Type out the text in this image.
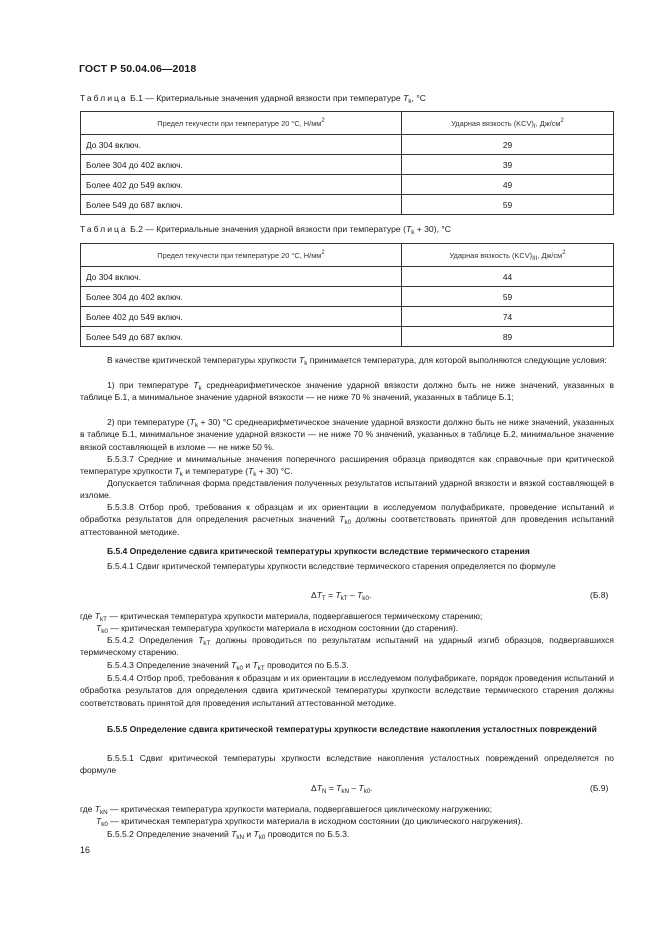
ГОСТ Р 50.04.06—2018
Таблица Б.1 — Критериальные значения ударной вязкости при температуре $T_k$, °С
Предел текучести при температуре 20 °С, $Н/мм^2$	Ударная вязкость $(KCV)_I$, $Дж/см^2$
До 304 включ.	29
Более 304 до 402 включ.	39
Более 402 до 549 включ.	49
Более 549 до 687 включ.	59
Таблица Б.2 — Критериальные значения ударной вязкости при температуре $(T_k + 30)$, °С
Предел текучести при температуре 20 °С, $Н/мм^2$	Ударная вязкость $(KCV)_{III}$, $Дж/см^2$
До 304 включ.	44
Более 304 до 402 включ.	59
Более 402 до 549 включ.	74
Более 549 до 687 включ.	89
В качестве критической температуры хрупкости $T_k$ принимается температура, для которой выполняются следующие условия:
1) при температуре $T_k$ среднеарифметическое значение ударной вязкости должно быть не ниже значений, указанных в таблице Б.1, а минимальное значение ударной вязкости — не ниже 70 % значений, указанных в таблице Б.1;
2) при температуре $(T_k + 30)$ °С среднеарифметическое значение ударной вязкости должно быть не ниже значений, указанных в таблице Б.1, минимальное значение ударной вязкости — не ниже 70 % значений, указанных в таблице Б.2, минимальное значение вязкой составляющей в изломе — не ниже 50 %.
Б.5.3.7 Средние и минимальные значения поперечного расширения образца приводятся как справочные при критической температуре хрупкости $T_k$ и температуре $(T_k + 30)$ °С.
Допускается табличная форма представления полученных результатов испытаний ударной вязкости и вязкой составляющей в изломе.
Б.5.3.8 Отбор проб, требования к образцам и их ориентации в исследуемом полуфабрикате, проведение испытаний и обработка результатов для определения расчетных значений $T_{k0}$ должны соответствовать принятой для проведения испытаний аттестованной методике.
Б.5.4 Определение сдвига критической температуры хрупкости вследствие термического старения
Б.5.4.1 Сдвиг критической температуры хрупкости вследствие термического старения определяется по формуле
$\Delta T_T = T_{kT} - T_{k0}$.	(Б.8)
где $T_{kT}$ — критическая температура хрупкости материала, подвергавшегося термическому старению;
$T_{k0}$ — критическая температура хрупкости материала в исходном состоянии (до старения).
Б.5.4.2 Определения $T_{kT}$ должны проводиться по результатам испытаний на ударный изгиб образцов, подвергавшихся термическому старению.
Б.5.4.3 Определение значений $T_{k0}$ и $T_{kT}$ проводится по Б.5.3.
Б.5.4.4 Отбор проб, требования к образцам и их ориентации в исследуемом полуфабрикате, порядок проведения испытаний и обработка результатов для определения сдвига критической температуры хрупкости вследствие термического старения должны соответствовать принятой для проведения испытаний аттестованной методике.
Б.5.5 Определение сдвига критической температуры хрупкости вследствие накопления усталостных повреждений
Б.5.5.1 Сдвиг критической температуры хрупкости вследствие накопления усталостных повреждений определяется по формуле
$\Delta T_N = T_{kN} - T_{k0}$.	(Б.9)
где $T_{kN}$ — критическая температура хрупкости материала, подвергавшегося циклическому нагружению;
$T_{k0}$ — критическая температура хрупкости материала в исходном состоянии (до циклического нагружения).
Б.5.5.2 Определение значений $T_{kN}$ и $T_{k0}$ проводится по Б.5.3.
16
